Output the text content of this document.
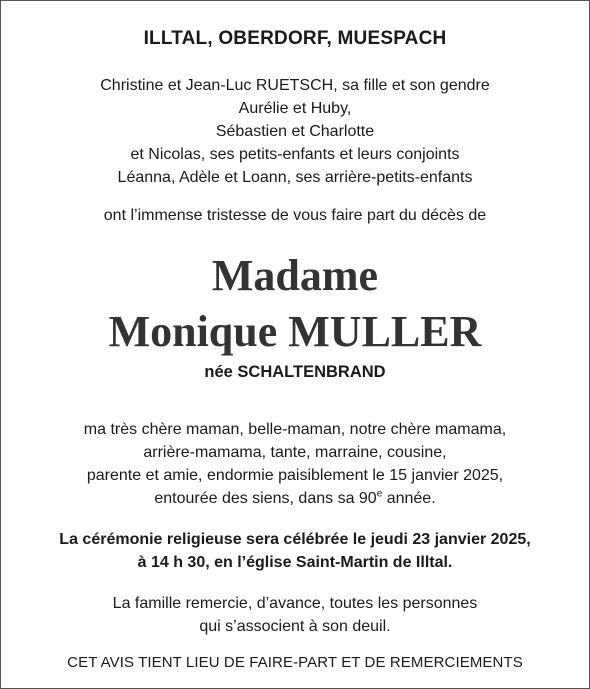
ILLTAL, OBERDORF, MUESPACH
Christine et Jean-Luc RUETSCH, sa fille et son gendre
Aurélie et Huby,
Sébastien et Charlotte
et Nicolas, ses petits-enfants et leurs conjoints
Léanna, Adèle et Loann, ses arrière-petits-enfants
ont l’immense tristesse de vous faire part du décès de
Madame
Monique MULLER
née SCHALTENBRAND
ma très chère maman, belle-maman, notre chère mamama,
arrière-mamama, tante, marraine, cousine,
parente et amie, endormie paisiblement le 15 janvier 2025,
entourée des siens, dans sa 90e année.
La cérémonie religieuse sera célébrée le jeudi 23 janvier 2025,
à 14 h 30, en l’église Saint-Martin de Illtal.
La famille remercie, d’avance, toutes les personnes
qui s’associent à son deuil.
CET AVIS TIENT LIEU DE FAIRE-PART ET DE REMERCIEMENTS
